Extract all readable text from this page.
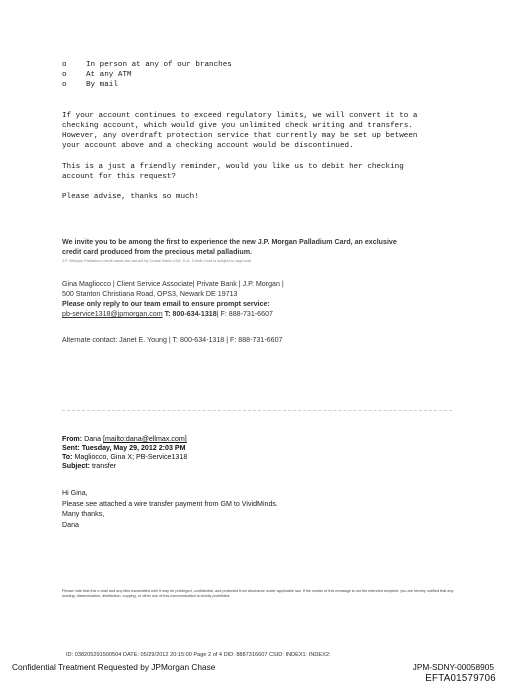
o	In person at any of our branches
o	At any ATM
o	By mail
If your account continues to exceed regulatory limits, we will convert it to a
checking account, which would give you unlimited check writing and transfers.
However, any overdraft protection service that currently may be set up between
your account above and a checking account would be discontinued.
This is a just a friendly reminder, would you like us to debit her checking
account for this request?
Please advise, thanks so much!
We invite you to be among the first to experience the new J.P. Morgan Palladium Card, an exclusive
credit card produced from the precious metal palladium.
J.P. Morgan Palladium credit cards are issued by Chase Bank USA, N.A. Credit Card is subject to approval.
Gina Magliocco | Client Service Associate| Private Bank | J.P. Morgan |
500 Stanton Christiana Road, OPS3, Newark DE 19713
Please only reply to our team email to ensure prompt service:
pb-service1318@jpmorgan.com T: 800-634-1318| F: 888-731-6607
Alternate contact: Janet E. Young | T: 800-634-1318 | F: 888-731-6607
From: Dana [mailto:dana@ellmax.com]
Sent: Tuesday, May 29, 2012 2:03 PM
To: Magliocco, Gina X; PB-Service1318
Subject: transfer
Hi Gina,
Please see attached a wire transfer payment from GM to VividMinds.
Many thanks,
Dana
Please note that this e-mail and any files transmitted with it may be privileged, confidential, and protected from disclosure under applicable law. If the reader of this message is not the intended recipient, you are hereby notified that any reading, dissemination, distribution, copying, or other use of this communication is strictly prohibited.
ID: 038205291500504 DATE: 05/29/2012 20:15:00 Page 2 of 4 DID: 8887316607 CSID: INDEX1: INDEX2:
Confidential Treatment Requested by JPMorgan Chase	JPM-SDNY-00058905
EFTA01579706
